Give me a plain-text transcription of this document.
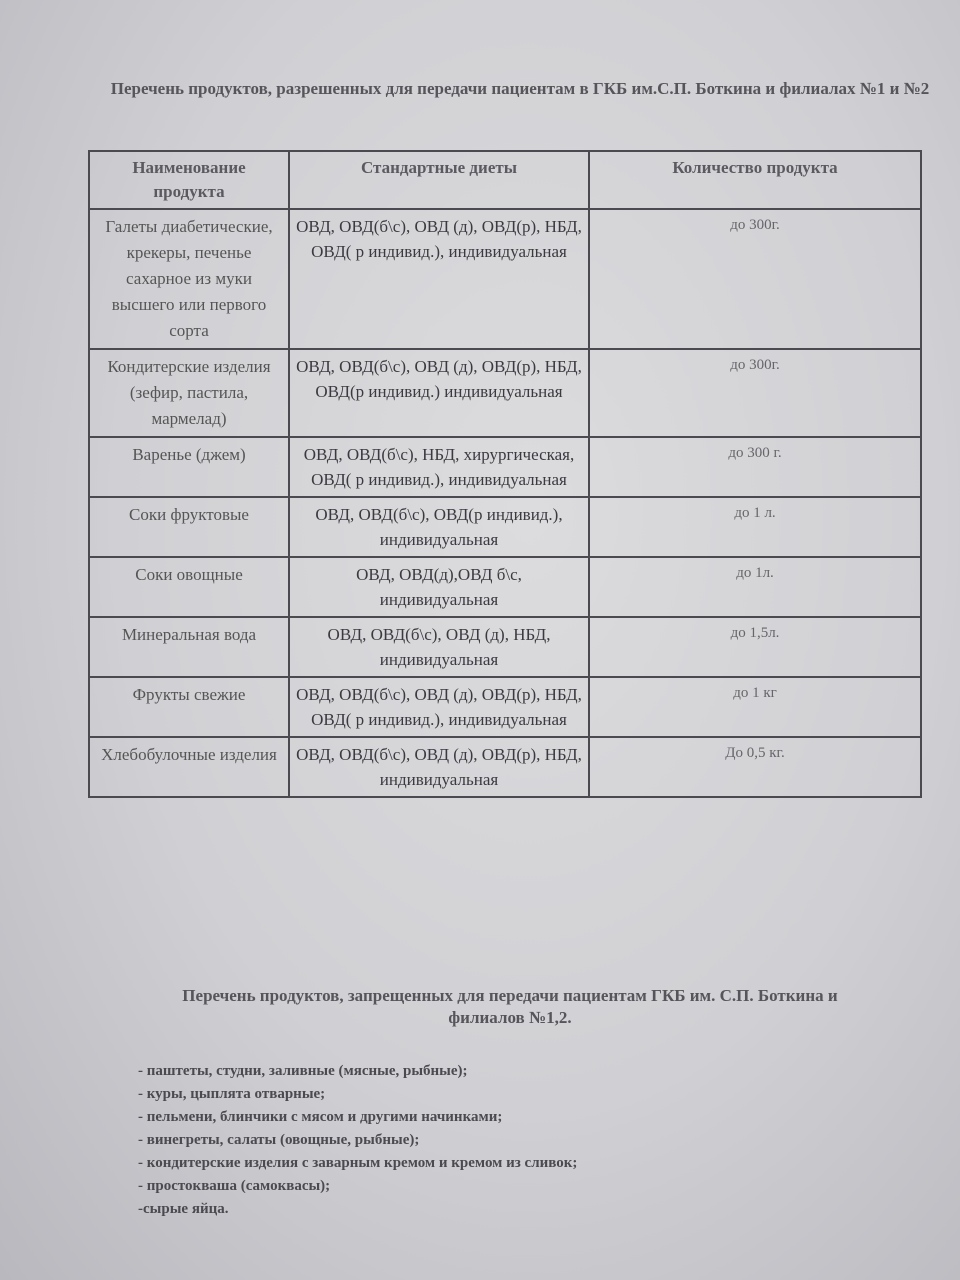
Перечень продуктов, разрешенных для передачи пациентам в ГКБ им.С.П. Боткина и филиалах №1 и №2
Наименование продукта	Стандартные диеты	Количество продукта
Галеты диабетические, крекеры, печенье сахарное из муки высшего или первого сорта	ОВД, ОВД(б\с), ОВД (д), ОВД(р), НБД, ОВД( р индивид.), индивидуальная	до 300г.
Кондитерские изделия (зефир, пастила, мармелад)	ОВД, ОВД(б\с), ОВД (д), ОВД(р), НБД, ОВД(р индивид.) индивидуальная	до 300г.
Варенье (джем)	ОВД, ОВД(б\с), НБД, хирургическая, ОВД( р индивид.), индивидуальная	до 300 г.
Соки фруктовые	ОВД, ОВД(б\с), ОВД(р индивид.), индивидуальная	до 1 л.
Соки овощные	ОВД, ОВД(д),ОВД б\с, индивидуальная	до 1л.
Минеральная вода	ОВД, ОВД(б\с), ОВД (д), НБД, индивидуальная	до 1,5л.
Фрукты свежие	ОВД, ОВД(б\с), ОВД (д), ОВД(р), НБД, ОВД( р индивид.), индивидуальная	до 1 кг
Хлебобулочные изделия	ОВД, ОВД(б\с), ОВД (д), ОВД(р), НБД, индивидуальная	До 0,5 кг.
Перечень продуктов, запрещенных для передачи пациентам ГКБ им. С.П. Боткина и филиалов №1,2.
- паштеты, студни, заливные (мясные, рыбные);
- куры, цыплята отварные;
- пельмени, блинчики с мясом и другими начинками;
- винегреты, салаты (овощные, рыбные);
- кондитерские изделия с заварным кремом и кремом из сливок;
- простокваша (самоквасы);
-сырые яйца.
